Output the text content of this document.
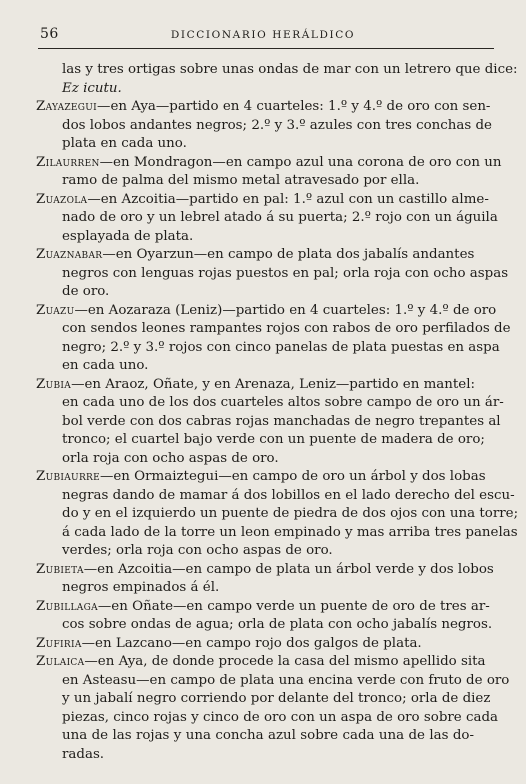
56	DICCIONARIO HERÁLDICO
las y tres ortigas sobre unas ondas de mar con un letrero que dice:
Ez icutu.
Zayazegui—en Aya—partido en 4 cuarteles: 1.º y 4.º de oro con sen-
dos lobos andantes negros; 2.º y 3.º azules con tres conchas de
plata en cada uno.
Zilaurren—en Mondragon—en campo azul una corona de oro con un
ramo de palma del mismo metal atravesado por ella.
Zuazola—en Azcoitia—partido en pal: 1.º azul con un castillo alme-
nado de oro y un lebrel atado á su puerta; 2.º rojo con un águila
esplayada de plata.
Zuaznabar—en Oyarzun—en campo de plata dos jabalís andantes
negros con lenguas rojas puestos en pal; orla roja con ocho aspas
de oro.
Zuazu—en Aozaraza (Leniz)—partido en 4 cuarteles: 1.º y 4.º de oro
con sendos leones rampantes rojos con rabos de oro perfilados de
negro; 2.º y 3.º rojos con cinco panelas de plata puestas en aspa
en cada uno.
Zubia—en Araoz, Oñate, y en Arenaza, Leniz—partido en mantel:
en cada uno de los dos cuarteles altos sobre campo de oro un ár-
bol verde con dos cabras rojas manchadas de negro trepantes al
tronco; el cuartel bajo verde con un puente de madera de oro;
orla roja con ocho aspas de oro.
Zubiaurre—en Ormaiztegui—en campo de oro un árbol y dos lobas
negras dando de mamar á dos lobillos en el lado derecho del escu-
do y en el izquierdo un puente de piedra de dos ojos con una torre;
á cada lado de la torre un leon empinado y mas arriba tres panelas
verdes; orla roja con ocho aspas de oro.
Zubieta—en Azcoitia—en campo de plata un árbol verde y dos lobos
negros empinados á él.
Zubillaga—en Oñate—en campo verde un puente de oro de tres ar-
cos sobre ondas de agua; orla de plata con ocho jabalís negros.
Zufiria—en Lazcano—en campo rojo dos galgos de plata.
Zulaica—en Aya, de donde procede la casa del mismo apellido sita
en Asteasu—en campo de plata una encina verde con fruto de oro
y un jabalí negro corriendo por delante del tronco; orla de diez
piezas, cinco rojas y cinco de oro con un aspa de oro sobre cada
una de las rojas y una concha azul sobre cada una de las do-
radas.
